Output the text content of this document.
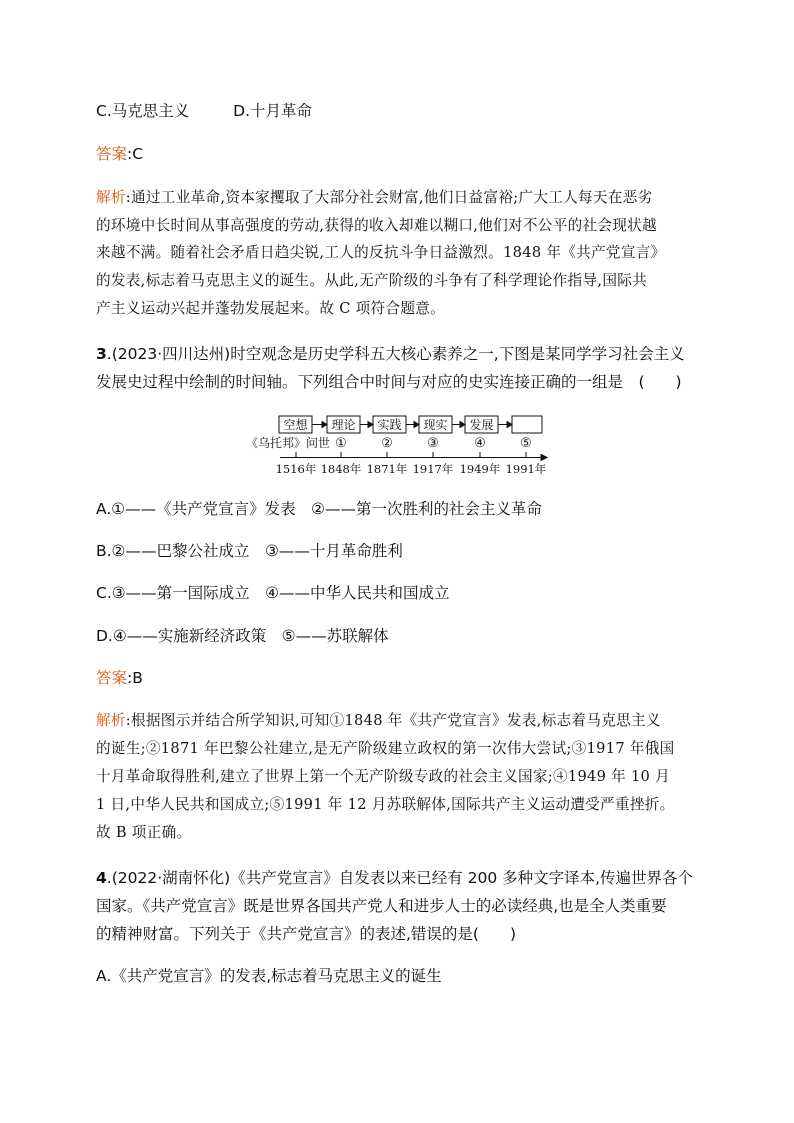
C.马克思主义	D.十月革命
答案:C
解析:通过工业革命,资本家攫取了大部分社会财富,他们日益富裕;广大工人每天在恶劣
的环境中长时间从事高强度的劳动,获得的收入却难以糊口,他们对不公平的社会现状越
来越不满。随着社会矛盾日趋尖锐,工人的反抗斗争日益激烈。1848 年《共产党宣言》
的发表,标志着马克思主义的诞生。从此,无产阶级的斗争有了科学理论作指导,国际共
产主义运动兴起并蓬勃发展起来。故 C 项符合题意。
3.(2023·四川达州)时空观念是历史学科五大核心素养之一,下图是某同学学习社会主义
发展史过程中绘制的时间轴。下列组合中时间与对应的史实连接正确的一组是　(　　)
空想 理论 实践 现实 发展
《乌托邦》问世 ①	②	③	④	⑤
1516年 1848年 1871年 1917年 1949年 1991年
A.①——《共产党宣言》发表　②——第一次胜利的社会主义革命
B.②——巴黎公社成立　③——十月革命胜利
C.③——第一国际成立　④——中华人民共和国成立
D.④——实施新经济政策　⑤——苏联解体
答案:B
解析:根据图示并结合所学知识,可知①1848 年《共产党宣言》发表,标志着马克思主义
的诞生;②1871 年巴黎公社建立,是无产阶级建立政权的第一次伟大尝试;③1917 年俄国
十月革命取得胜利,建立了世界上第一个无产阶级专政的社会主义国家;④1949 年 10 月
1 日,中华人民共和国成立;⑤1991 年 12 月苏联解体,国际共产主义运动遭受严重挫折。
故 B 项正确。
4.(2022·湖南怀化)《共产党宣言》自发表以来已经有 200 多种文字译本,传遍世界各个
国家。《共产党宣言》既是世界各国共产党人和进步人士的必读经典,也是全人类重要
的精神财富。下列关于《共产党宣言》的表述,错误的是(　　)
A.《共产党宣言》的发表,标志着马克思主义的诞生
